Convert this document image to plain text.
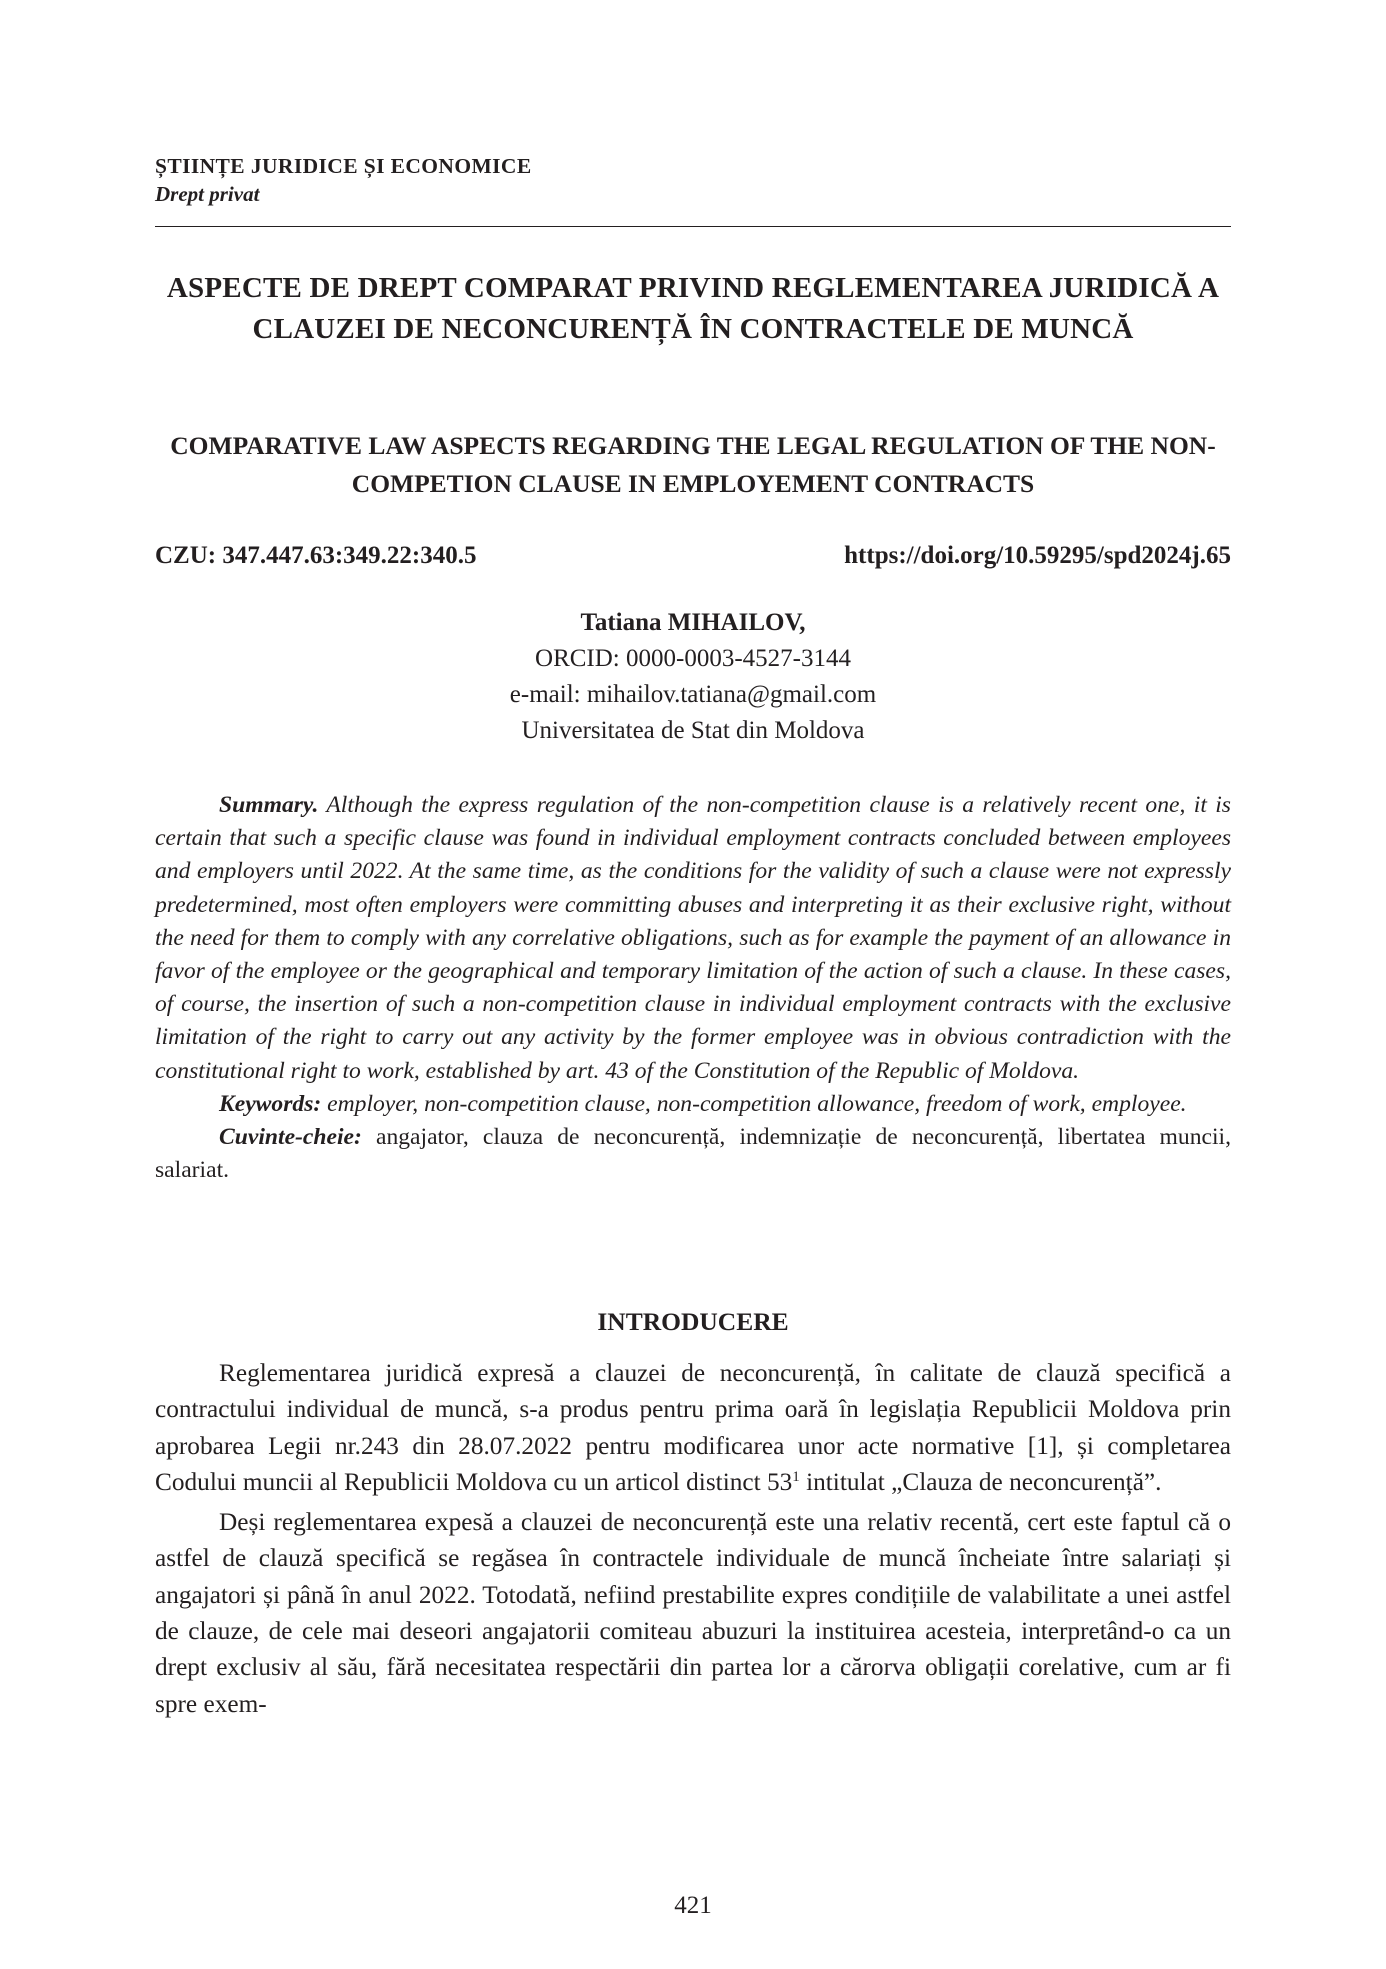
ȘTIINȚE JURIDICE ȘI ECONOMICE
Drept privat
ASPECTE DE DREPT COMPARAT PRIVIND REGLEMENTAREA JURIDICĂ A CLAUZEI DE NECONCURENȚĂ ÎN CONTRACTELE DE MUNCĂ
COMPARATIVE LAW ASPECTS REGARDING THE LEGAL REGULATION OF THE NON-COMPETION CLAUSE IN EMPLOYEMENT CONTRACTS
CZU: 347.447.63:349.22:340.5	https://doi.org/10.59295/spd2024j.65
Tatiana MIHAILOV,
ORCID: 0000-0003-4527-3144
e-mail: mihailov.tatiana@gmail.com
Universitatea de Stat din Moldova

Summary. Although the express regulation of the non-competition clause is a relatively recent one, it is certain that such a specific clause was found in individual employment contracts concluded between employees and employers until 2022. At the same time, as the conditions for the validity of such a clause were not expressly predetermined, most often employers were committing abuses and interpreting it as their exclusive right, without the need for them to comply with any correlative obligations, such as for example the payment of an allowance in favor of the employee or the geographical and temporary limitation of the action of such a clause. In these cases, of course, the insertion of such a non-competition clause in individual employment contracts with the exclusive limitation of the right to carry out any activity by the former employee was in obvious contradiction with the constitutional right to work, established by art. 43 of the Constitution of the Republic of Moldova.

Keywords: employer, non-competition clause, non-competition allowance, freedom of work, employee.

Cuvinte-cheie: angajator, clauza de neconcurență, indemnizație de neconcurență, libertatea muncii, salariat.

INTRODUCERE

Reglementarea juridică expresă a clauzei de neconcurență, în calitate de clauză specifică a contractului individual de muncă, s-a produs pentru prima oară în legislația Republicii Moldova prin aprobarea Legii nr.243 din 28.07.2022 pentru modificarea unor acte normative [1], și completarea Codului muncii al Republicii Moldova cu un articol distinct $53^1$ intitulat „Clauza de neconcurență”.

Deși reglementarea expesă a clauzei de neconcurență este una relativ recentă, cert este faptul că o astfel de clauză specifică se regăsea în contractele individuale de muncă încheiate între salariați și angajatori și până în anul 2022. Totodată, nefiind prestabilite expres condițiile de valabilitate a unei astfel de clauze, de cele mai deseori angajatorii comiteau abuzuri la instituirea acesteia, interpretând-o ca un drept exclusiv al său, fără necesitatea respectării din partea lor a cărorva obligații corelative, cum ar fi spre exem-

421
